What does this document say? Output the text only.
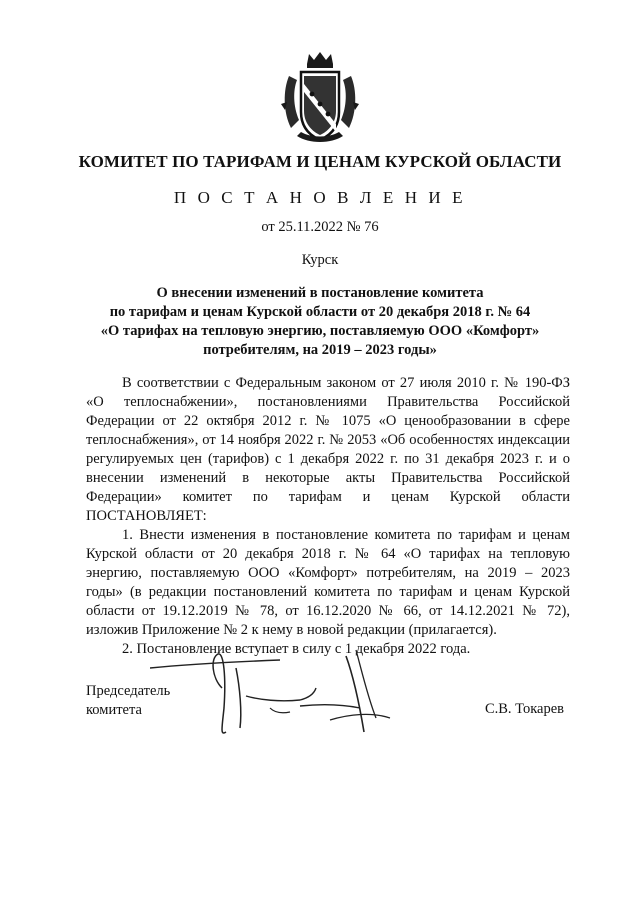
КОМИТЕТ ПО ТАРИФАМ И ЦЕНАМ КУРСКОЙ ОБЛАСТИ
П О С Т А Н О В Л Е Н И Е
от 25.11.2022 № 76
Курск
О внесении изменений в постановление комитета
по тарифам и ценам Курской области от 20 декабря 2018 г. № 64
«О тарифах на тепловую энергию, поставляемую ООО «Комфорт»
потребителям, на 2019 – 2023 годы»

В соответствии с Федеральным законом от 27 июля 2010 г. № 190-ФЗ «О теплоснабжении», постановлениями Правительства Российской Федерации от 22 октября 2012 г. № 1075 «О ценообразовании в сфере теплоснабжения», от 14 ноября 2022 г. № 2053 «Об особенностях индексации регулируемых цен (тарифов) с 1 декабря 2022 г. по 31 декабря 2023 г. и о внесении изменений в некоторые акты Правительства Российской Федерации» комитет по тарифам и ценам Курской области ПОСТАНОВЛЯЕТ:

1. Внести изменения в постановление комитета по тарифам и ценам Курской области от 20 декабря 2018 г. № 64 «О тарифах на тепловую энергию, поставляемую ООО «Комфорт» потребителям, на 2019 – 2023 годы» (в редакции постановлений комитета по тарифам и ценам Курской области от 19.12.2019 № 78, от 16.12.2020 № 66, от 14.12.2021 № 72), изложив Приложение № 2 к нему в новой редакции (прилагается).

2. Постановление вступает в силу с 1 декабря 2022 года.

Председатель
комитета	С.В. Токарев
